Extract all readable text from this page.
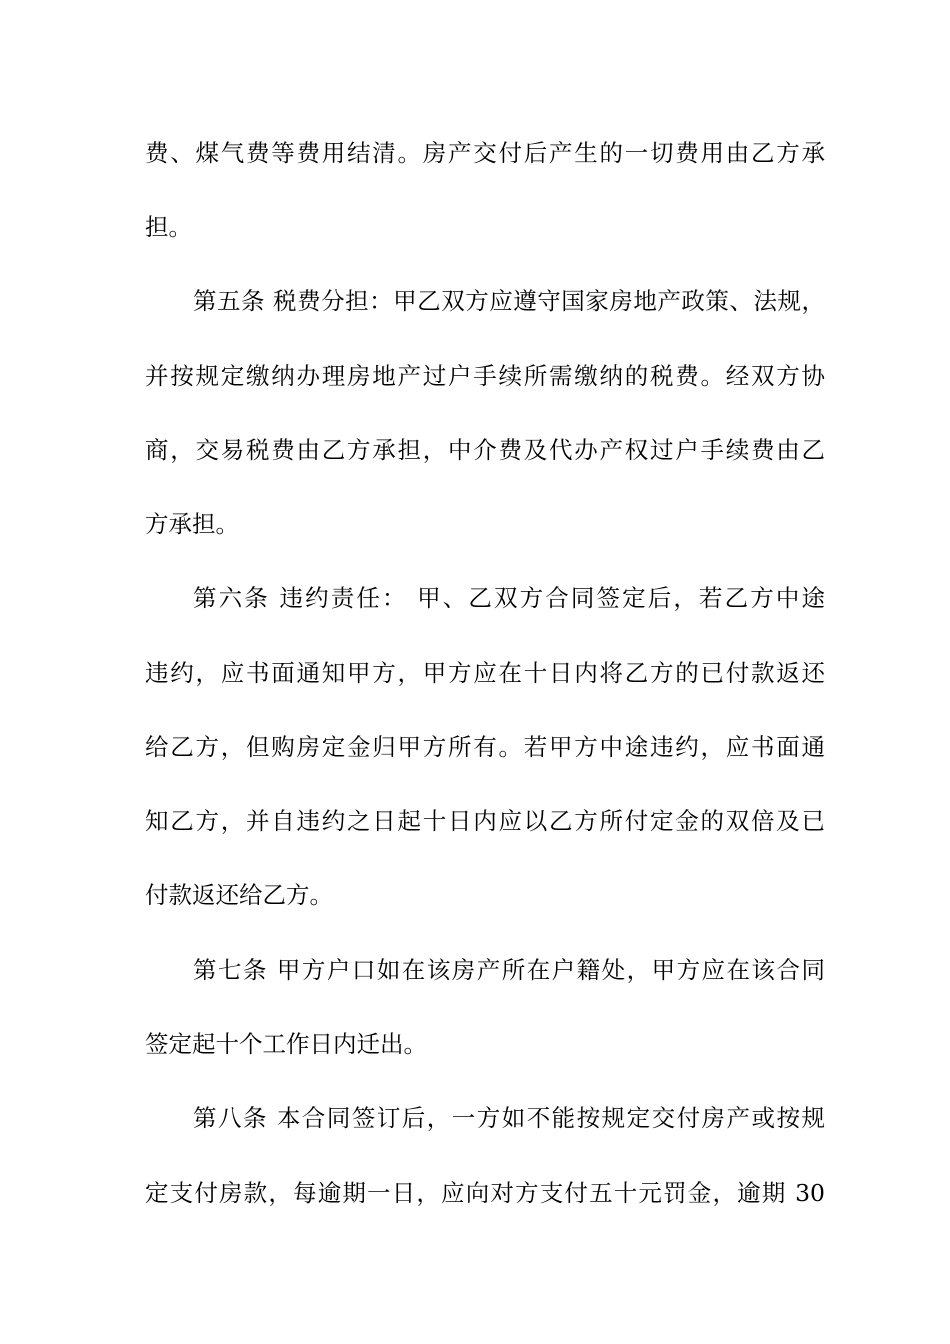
费、煤气费等费用结清。房产交付后产生的一切费用由乙方承
担。
第五条 税费分担：甲乙双方应遵守国家房地产政策、法规，
并按规定缴纳办理房地产过户手续所需缴纳的税费。经双方协
商，交易税费由乙方承担，中介费及代办产权过户手续费由乙
方承担。
第六条 违约责任： 甲、乙双方合同签定后，若乙方中途
违约，应书面通知甲方，甲方应在十日内将乙方的已付款返还
给乙方，但购房定金归甲方所有。若甲方中途违约，应书面通
知乙方，并自违约之日起十日内应以乙方所付定金的双倍及已
付款返还给乙方。
第七条 甲方户口如在该房产所在户籍处，甲方应在该合同
签定起十个工作日内迁出。
第八条 本合同签订后，一方如不能按规定交付房产或按规
定支付房款，每逾期一日，应向对方支付五十元罚金，逾期 30
